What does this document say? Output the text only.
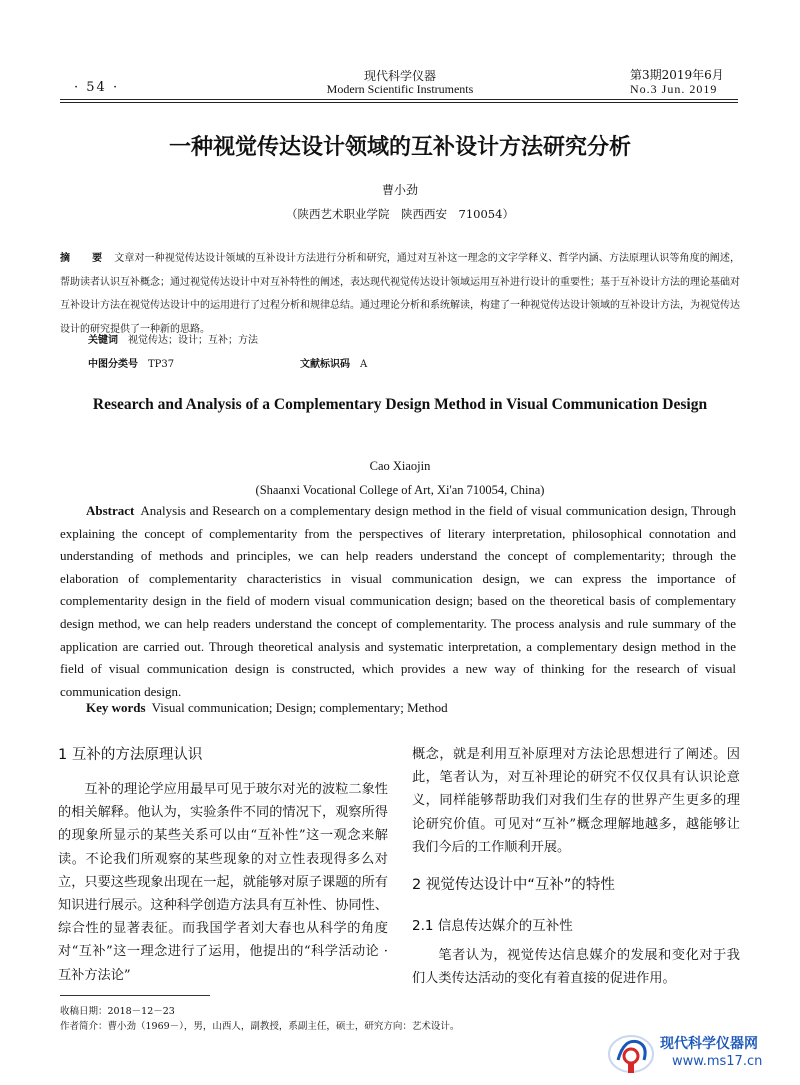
· 54 ·
现代科学仪器
Modern Scientific Instruments
第3期2019年6月
No.3 Jun. 2019
一种视觉传达设计领域的互补设计方法研究分析
曹小劲
（陕西艺术职业学院　陕西西安　710054）
摘　要 文章对一种视觉传达设计领域的互补设计方法进行分析和研究，通过对互补这一理念的文字学释义、哲学内涵、方法原理认识等角度的阐述，帮助读者认识互补概念；通过视觉传达设计中对互补特性的阐述，表达现代视觉传达设计领域运用互补进行设计的重要性；基于互补设计方法的理论基础对互补设计方法在视觉传达设计中的运用进行了过程分析和规律总结。通过理论分析和系统解读，构建了一种视觉传达设计领域的互补设计方法，为视觉传达设计的研究提供了一种新的思路。
关键词 视觉传达；设计；互补；方法
中图分类号 TP37	文献标识码 A
Research and Analysis of a Complementary Design Method in Visual Communication Design
Cao Xiaojin
(Shaanxi Vocational College of Art, Xi'an 710054, China)
Abstract Analysis and Research on a complementary design method in the field of visual communication design, Through explaining the concept of complementarity from the perspectives of literary interpretation, philosophical connotation and understanding of methods and principles, we can help readers understand the concept of complementarity; through the elaboration of complementarity characteristics in visual communication design, we can express the importance of complementarity design in the field of modern visual communication design; based on the theoretical basis of complementary design method, we can help readers understand the concept of complementarity. The process analysis and rule summary of the application are carried out. Through theoretical analysis and systematic interpretation, a complementary design method in the field of visual communication design is constructed, which provides a new way of thinking for the research of visual communication design.
Key words Visual communication; Design; complementary; Method
1 互补的方法原理认识

互补的理论学应用最早可见于玻尔对光的波粒二象性的相关解释。他认为，实验条件不同的情况下，观察所得的现象所显示的某些关系可以由“互补性”这一观念来解读。不论我们所观察的某些现象的对立性表现得多么对立，只要这些现象出现在一起，就能够对原子课题的所有知识进行展示。这种科学创造方法具有互补性、协同性、综合性的显著表征。而我国学者刘大春也从科学的角度对“互补”这一理念进行了运用，他提出的“科学活动论 · 互补方法论”

概念，就是利用互补原理对方法论思想进行了阐述。因此，笔者认为，对互补理论的研究不仅仅具有认识论意义，同样能够帮助我们对我们生存的世界产生更多的理论研究价值。可见对“互补”概念理解地越多，越能够让我们今后的工作顺利开展。

2 视觉传达设计中“互补”的特性
2.1 信息传达媒介的互补性

笔者认为，视觉传达信息媒介的发展和变化对于我们人类传达活动的变化有着直接的促进作用。

收稿日期：2018－12－23
作者简介：曹小劲（1969－），男，山西人，副教授，系副主任，硕士，研究方向：艺术设计。
现代科学仪器网
www.ms17.cn
